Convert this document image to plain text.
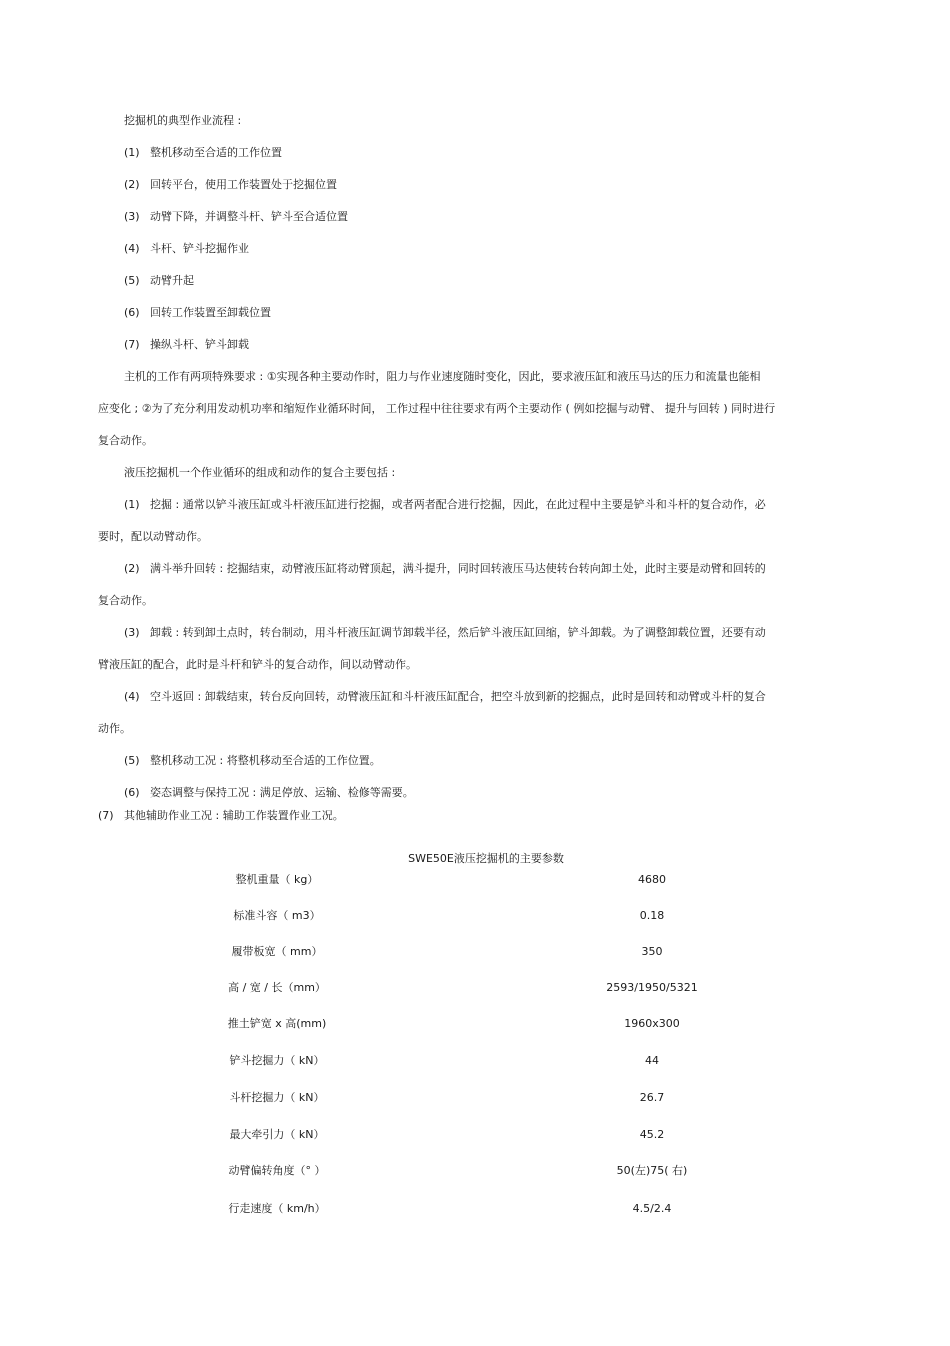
挖掘机的典型作业流程 :

(1) 整机移动至合适的工作位置

(2) 回转平台，使用工作装置处于挖掘位置

(3) 动臂下降，并调整斗杆、铲斗至合适位置

(4) 斗杆、铲斗挖掘作业

(5) 动臂升起

(6) 回转工作装置至卸载位置

(7) 操纵斗杆、铲斗卸载

主机的工作有两项特殊要求 : ①实现各种主要动作时，阻力与作业速度随时变化，因此，要求液压缸和液压马达的压力和流量也能相

应变化 ; ②为了充分利用发动机功率和缩短作业循环时间， 工作过程中往往要求有两个主要动作 ( 例如挖掘与动臂、 提升与回转 ) 同时进行

复合动作。

液压挖掘机一个作业循环的组成和动作的复合主要包括 :

(1) 挖掘 : 通常以铲斗液压缸或斗杆液压缸进行挖掘，或者两者配合进行挖掘，因此，在此过程中主要是铲斗和斗杆的复合动作，必

要时，配以动臂动作。

(2) 满斗举升回转 : 挖掘结束，动臂液压缸将动臂顶起，满斗提升，同时回转液压马达使转台转向卸土处，此时主要是动臂和回转的

复合动作。

(3) 卸载 : 转到卸土点时，转台制动，用斗杆液压缸调节卸载半径，然后铲斗液压缸回缩，铲斗卸载。为了调整卸载位置，还要有动

臂液压缸的配合，此时是斗杆和铲斗的复合动作，间以动臂动作。

(4) 空斗返回 : 卸载结束，转台反向回转，动臂液压缸和斗杆液压缸配合，把空斗放到新的挖掘点，此时是回转和动臂或斗杆的复合

动作。

(5) 整机移动工况 : 将整机移动至合适的工作位置。

(6) 姿态调整与保持工况 : 满足停放、运输、检修等需要。

(7) 其他辅助作业工况 : 辅助工作装置作业工况。

SWE50E液压挖掘机的主要参数

整机重量（ kg）	4680
标准斗容（ m3）	0.18
履带板宽（ mm）	350
高 / 宽 / 长（mm）	2593/1950/5321
推土铲宽 x 高(mm)	1960x300
铲斗挖掘力（ kN）	44
斗杆挖掘力（ kN）	26.7
最大牵引力（ kN）	45.2
动臂偏转角度（° ）	50(左)75( 右)
行走速度（ km/h）	4.5/2.4
